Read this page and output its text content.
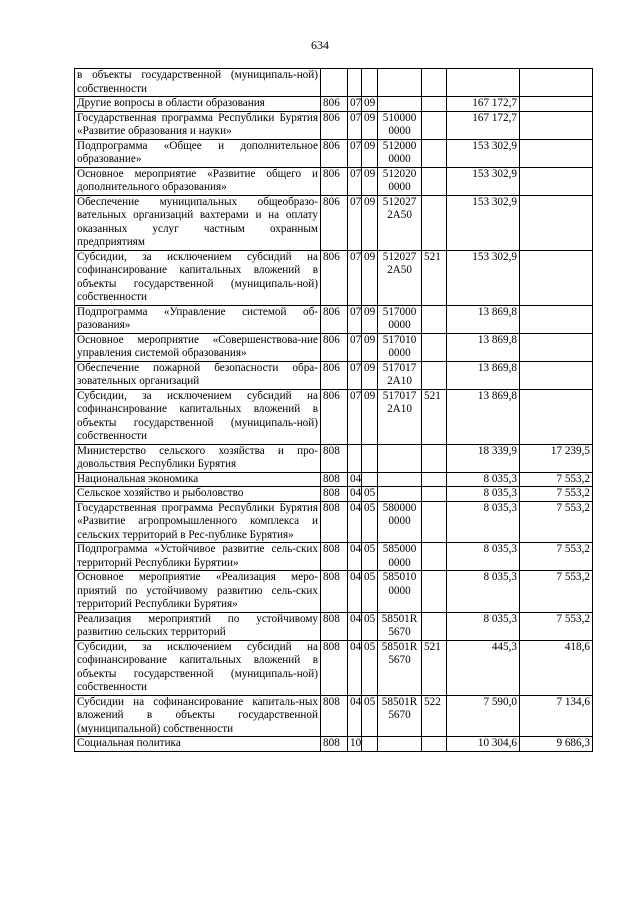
634
в объекты государственной (муниципаль-ной) собственности							
Другие вопросы в области образования	806	07	09			167 172,7	
Государственная программа Республики Бурятия «Развитие образования и науки»	806	07	09	510000 0000		167 172,7	
Подпрограмма «Общее и дополнительное образование»	806	07	09	512000 0000		153 302,9	
Основное мероприятие «Развитие общего и дополнительного образования»	806	07	09	512020 0000		153 302,9	
Обеспечение муниципальных общеобразо-вательных организаций вахтерами и на оплату оказанных услуг частным охранным предприятиям	806	07	09	512027 2А50		153 302,9	
Субсидии, за исключением субсидий на софинансирование капитальных вложений в объекты государственной (муниципаль-ной) собственности	806	07	09	512027 2А50	521	153 302,9	
Подпрограмма «Управление системой об-разования»	806	07	09	517000 0000		13 869,8	
Основное мероприятие «Совершенствова-ние управления системой образования»	806	07	09	517010 0000		13 869,8	
Обеспечение пожарной безопасности обра-зовательных организаций	806	07	09	517017 2А10		13 869,8	
Субсидии, за исключением субсидий на софинансирование капитальных вложений в объекты государственной (муниципаль-ной) собственности	806	07	09	517017 2А10	521	13 869,8	
Министерство сельского хозяйства и про-довольствия Республики Бурятия	808					18 339,9	17 239,5
Национальная экономика	808	04				8 035,3	7 553,2
Сельское хозяйство и рыболовство	808	04	05			8 035,3	7 553,2
Государственная программа Республики Бурятия «Развитие агропромышленного комплекса и сельских территорий в Рес-публике Бурятия»	808	04	05	580000 0000		8 035,3	7 553,2
Подпрограмма «Устойчивое развитие сель-ских территорий Республики Бурятии»	808	04	05	585000 0000		8 035,3	7 553,2
Основное мероприятие «Реализация меро-приятий по устойчивому развитию сель-ских территорий Республики Бурятия»	808	04	05	585010 0000		8 035,3	7 553,2
Реализация мероприятий по устойчивому развитию сельских территорий	808	04	05	58501R 5670		8 035,3	7 553,2
Субсидии, за исключением субсидий на софинансирование капитальных вложений в объекты государственной (муниципаль-ной) собственности	808	04	05	58501R 5670	521	445,3	418,6
Субсидии на софинансирование капиталь-ных вложений в объекты государственной (муниципальной) собственности	808	04	05	58501R 5670	522	7 590,0	7 134,6
Социальная политика	808	10				10 304,6	9 686,3
